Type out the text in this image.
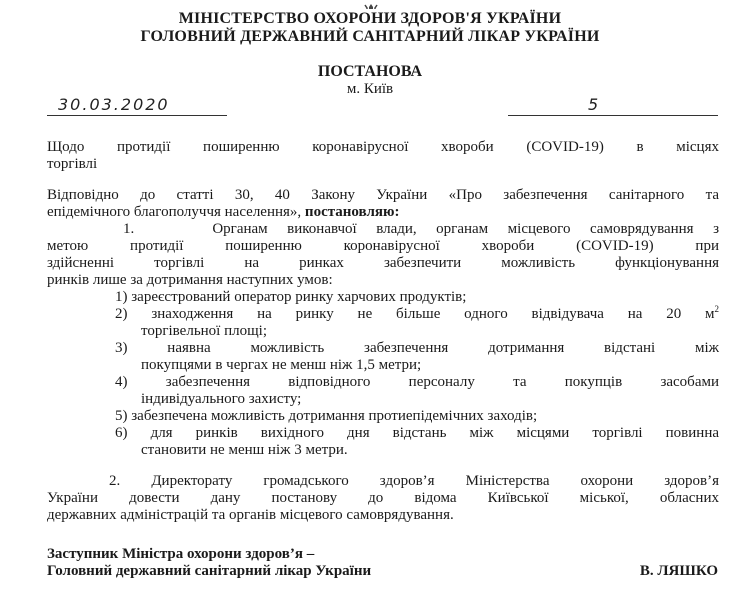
МІНІСТЕРСТВО ОХОРОНИ ЗДОРОВ'Я УКРАЇНИ
ГОЛОВНИЙ ДЕРЖАВНИЙ САНІТАРНИЙ ЛІКАР УКРАЇНИ
ПОСТАНОВА
м. Київ
30.03.2020	5
Щодо протидії поширенню коронавірусної хвороби (COVID-19) в місцях
торгівлі
Відповідно до статті 30, 40 Закону України «Про забезпечення санітарного та
епідемічного благополуччя населення», постановляю:
1.	Органам виконавчої влади, органам місцевого самоврядування з
метою протидії поширенню коронавірусної хвороби (COVID-19) при
здійсненні торгівлі на ринках забезпечити можливість функціонування
ринків лише за дотримання наступних умов:
1) зареєстрований оператор ринку харчових продуктів;
2) знаходження на ринку не більше одного відвідувача на 20 $м^2$
торгівельної площі;
3)	наявна можливість забезпечення дотримання відстані між
покупцями в чергах не менш ніж 1,5 метри;
4)	забезпечення відповідного персоналу та покупців засобами
індивідуального захисту;
5) забезпечена можливість дотримання протиепідемічних заходів;
6) для ринків вихідного дня відстань між місцями торгівлі повинна
становити не менш ніж 3 метри.
2. Директорату громадського здоров’я Міністерства охорони здоров’я
України довести дану постанову до відома Київської міської, обласних
державних адміністрацій та органів місцевого самоврядування.
Заступник Міністра охорони здоров’я –
Головний державний санітарний лікар України	В. ЛЯШКО
